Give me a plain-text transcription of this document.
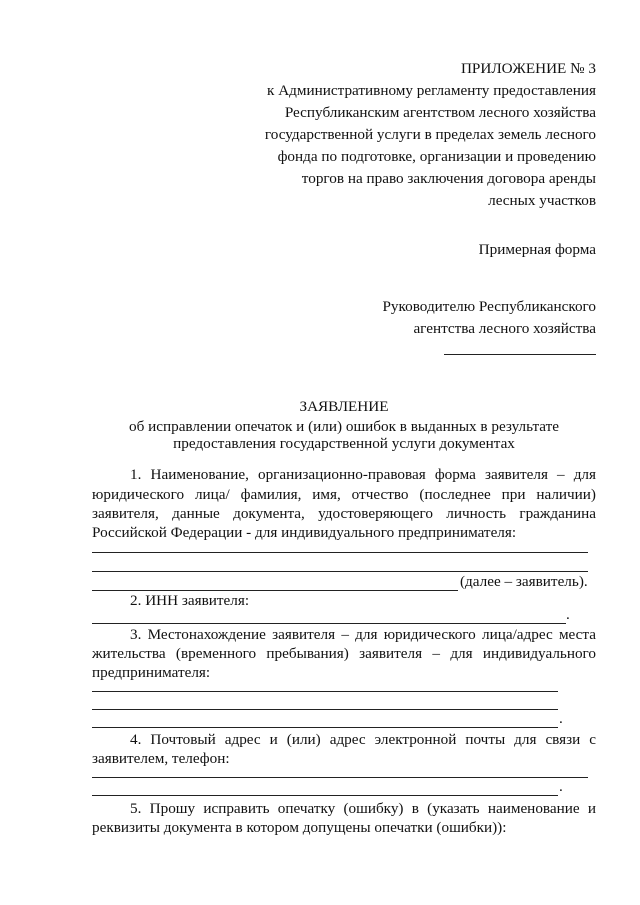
ПРИЛОЖЕНИЕ № 3

к Административному регламенту предоставления

Республиканским агентством лесного хозяйства

государственной услуги в пределах земель лесного

фонда по подготовке, организации и проведению

торгов на право заключения договора аренды

лесных участков

Примерная форма

Руководителю Республиканского

агентства лесного хозяйства

ЗАЯВЛЕНИЕ

об исправлении опечаток и (или) ошибок в выданных в результате

предоставления государственной услуги документах

1. Наименование, организационно-правовая форма заявителя – для

юридического лица/ фамилия, имя, отчество (последнее при наличии)

заявителя, данные документа, удостоверяющего личность гражданина

Российской Федерации - для индивидуального предпринимателя:

(далее – заявитель).

2. ИНН заявителя:

.

3. Местонахождение заявителя – для юридического лица/адрес места

жительства (временного пребывания) заявителя – для индивидуального

предпринимателя:

.

4. Почтовый адрес и (или) адрес электронной почты для связи с

заявителем, телефон:

.

5. Прошу исправить опечатку (ошибку) в (указать наименование и

реквизиты документа в котором допущены опечатки (ошибки)):
